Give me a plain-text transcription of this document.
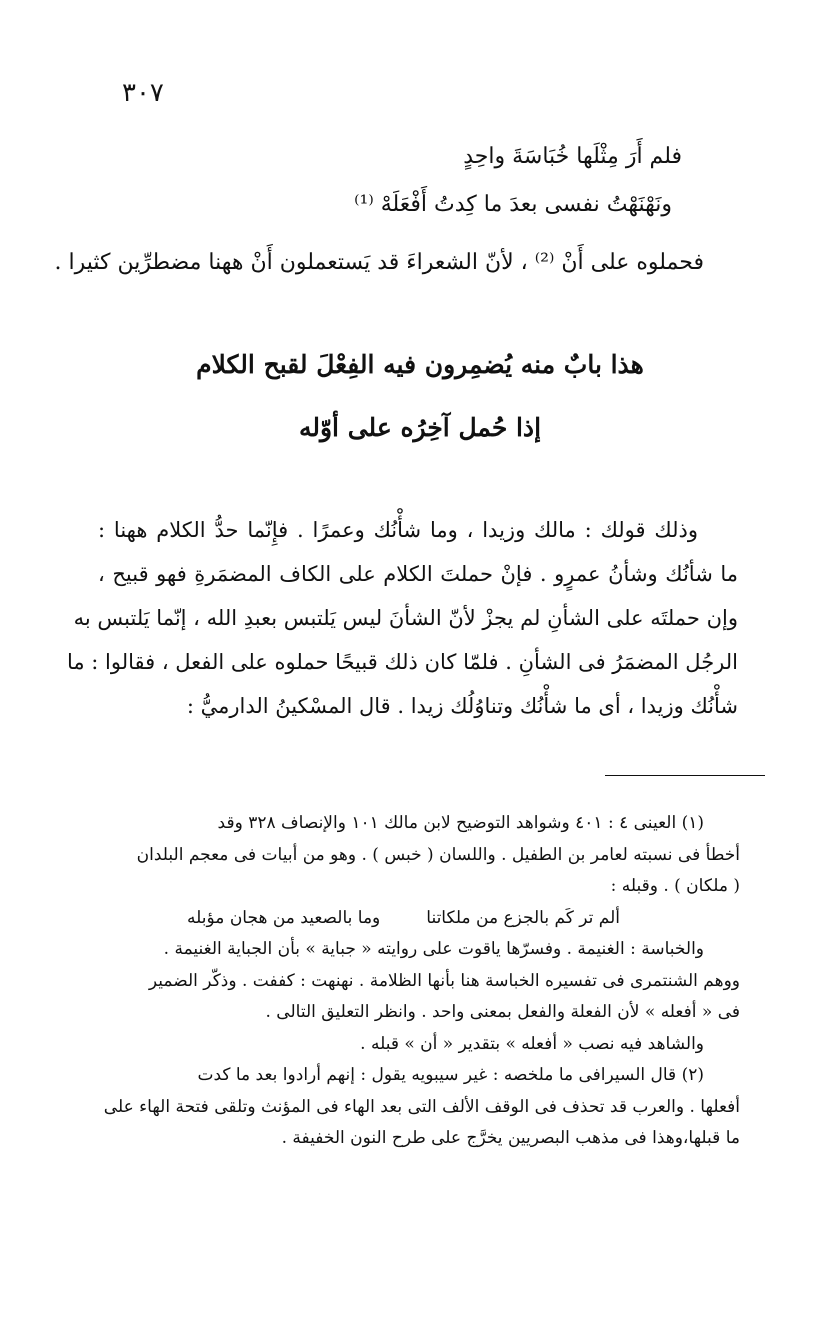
٣٠٧
فلم أَرَ مِثْلَها خُبَاسَةَ واحِدٍ
ونَهْنَهْتُ نفسى بعدَ ما كِدتُ أَفْعَلَهْ ⁽¹⁾
فحملوه على أَنْ ⁽²⁾ ، لأنّ الشعراءَ قد يَستعملون أَنْ ههنا مضطرِّين كثيرا .
هذا بابٌ منه يُضمِرون فيه الفِعْلَ لقبح الكلام
إذا حُمل آخِرُه على أوّله
وذلك قولك : مالك وزيدا ، وما شأْنُك وعمرًا . فإِنّما حدُّ الكلام ههنا :
ما شأنُك وشأنُ عمرٍو . فإنْ حملتَ الكلام على الكاف المضمَرةِ فهو قبيح ،
وإن حملتَه على الشأنِ لم يجزْ لأنّ الشأنَ ليس يَلتبس بعبدِ الله ، إنّما يَلتبس به
الرجُل المضمَرُ فى الشأنِ . فلمّا كان ذلك قبيحًا حملوه على الفعل ، فقالوا : ما
شأْنُك وزيدا ، أى ما شأْنُك وتناوُلُك زيدا . قال المسْكينُ الدارميُّ :
(١) العينى ٤ : ٤٠١ وشواهد التوضيح لابن مالك ١٠١ والإنصاف ٣٢٨ وقد
أخطأ فى نسبته لعامر بن الطفيل . واللسان ( خبس ) . وهو من أبيات فى معجم البلدان
( ملكان ) . وقبله :
ألم تر كَم بالجزع من ملكاتنا
وما بالصعيد من هجان مؤبله
والخباسة : الغنيمة . وفسرّها ياقوت على روايته « جباية » بأن الجباية الغنيمة .
ووهم الشنتمرى فى تفسيره الخباسة هنا بأنها الظلامة . نهنهت : كففت . وذكّر الضمير
فى « أفعله » لأن الفعلة والفعل بمعنى واحد . وانظر التعليق التالى .
والشاهد فيه نصب « أفعله » بتقدير « أن » قبله .
(٢) قال السيرافى ما ملخصه : غير سيبويه يقول : إنهم أرادوا بعد ما كدت
أفعلها . والعرب قد تحذف فى الوقف الألف التى بعد الهاء فى المؤنث وتلقى فتحة الهاء على
ما قبلها،وهذا فى مذهب البصريين يخرَّج على طرح النون الخفيفة .
